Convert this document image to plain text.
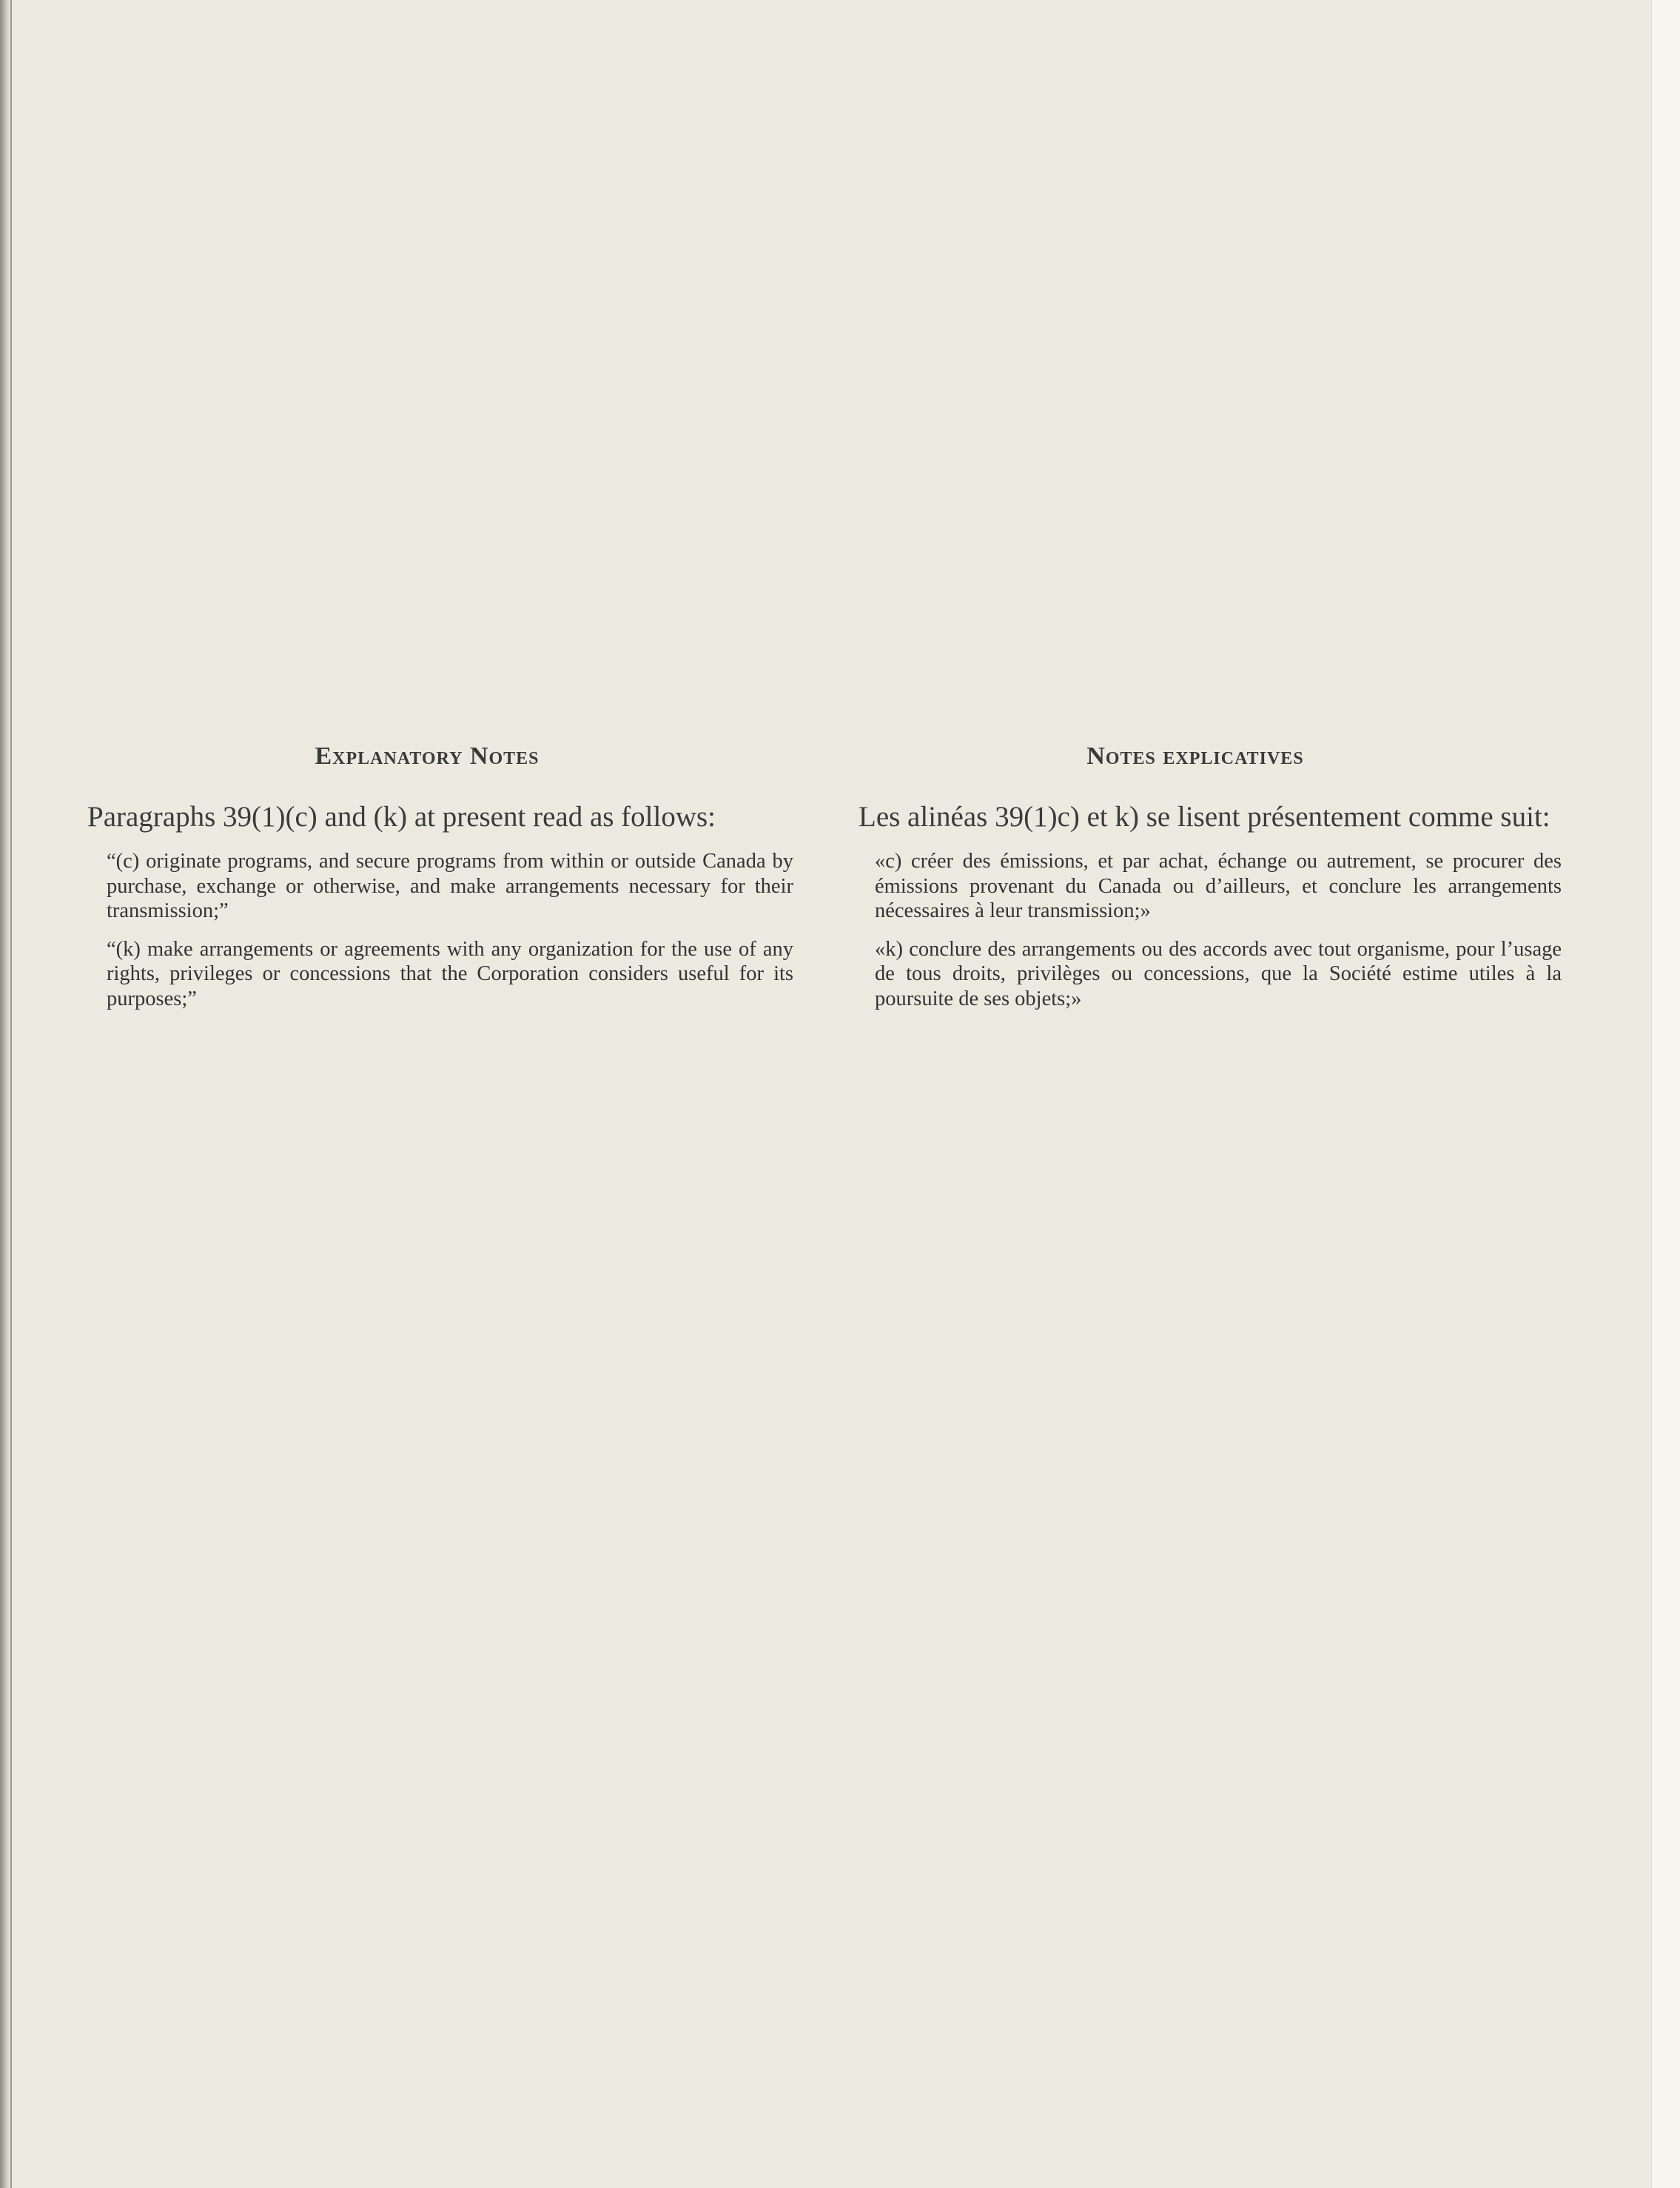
Explanatory Notes

Paragraphs 39(1)(c) and (k) at present read as follows:

“(c) originate programs, and secure programs from within or outside Canada by purchase, exchange or otherwise, and make arrangements necessary for their transmission;”

“(k) make arrangements or agreements with any organization for the use of any rights, privileges or concessions that the Corporation considers useful for its purposes;”

Notes explicatives

Les alinéas 39(1)c) et k) se lisent présentement comme suit:

«c) créer des émissions, et par achat, échange ou autrement, se procurer des émissions provenant du Canada ou d’ailleurs, et conclure les arrangements nécessaires à leur transmission;»

«k) conclure des arrangements ou des accords avec tout organisme, pour l’usage de tous droits, privilèges ou concessions, que la Société estime utiles à la poursuite de ses objets;»
